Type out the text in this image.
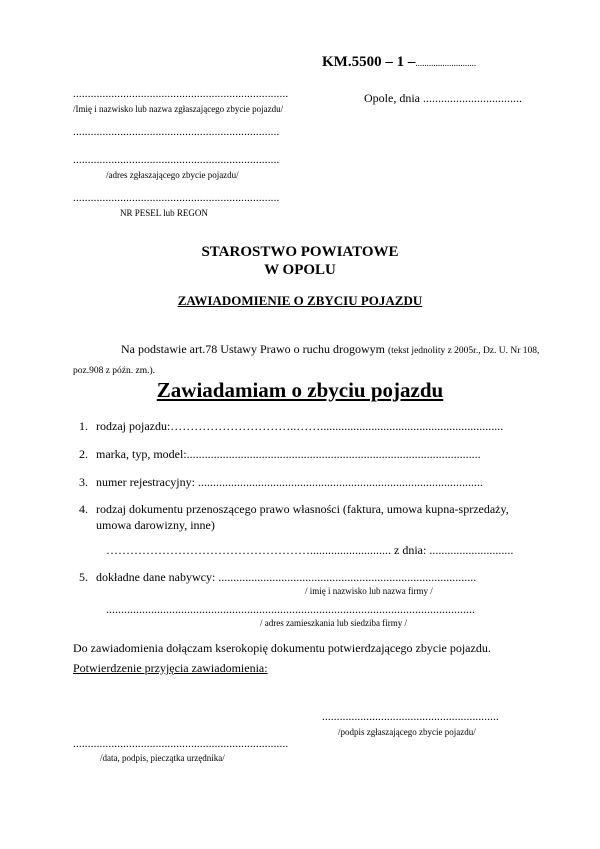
KM.5500 – 1 –...........................
.........................................................................
/Imię i nazwisko lub nazwa zgłaszającego zbycie pojazdu/
Opole, dnia .................................
......................................................................
......................................................................
/adres zgłaszającego zbycie pojazdu/
......................................................................
NR PESEL lub REGON
STAROSTWO POWIATOWE
W OPOLU
ZAWIADOMIENIE O ZBYCIU POJAZDU
Na podstawie art.78 Ustawy Prawo o ruchu drogowym (tekst jednolity z 2005r., Dz. U. Nr 108, poz.908 z późn. zm.).
Zawiadamiam o zbyciu pojazdu
1. rodzaj pojazdu:…………………………..…….............................................................
2. marka, typ, model:..................................................................................................
3. numer rejestracyjny: ...............................................................................................
4. rodzaj dokumentu przenoszącego prawo własności (faktura, umowa kupna-sprzedaży,
umowa darowizny, inne)
……………………………………………........................... z dnia: ............................
5. dokładne dane nabywcy: ......................................................................................
/ imię i nazwisko lub nazwa firmy /
...........................................................................................................................
/ adres zamieszkania lub siedziba firmy /
Do zawiadomienia dołączam kserokopię dokumentu potwierdzającego zbycie pojazdu.
Potwierdzenie przyjęcia zawiadomienia:
............................................................
/podpis zgłaszającego zbycie pojazdu/
.........................................................................
/data, podpis, pieczątka urzędnika/
